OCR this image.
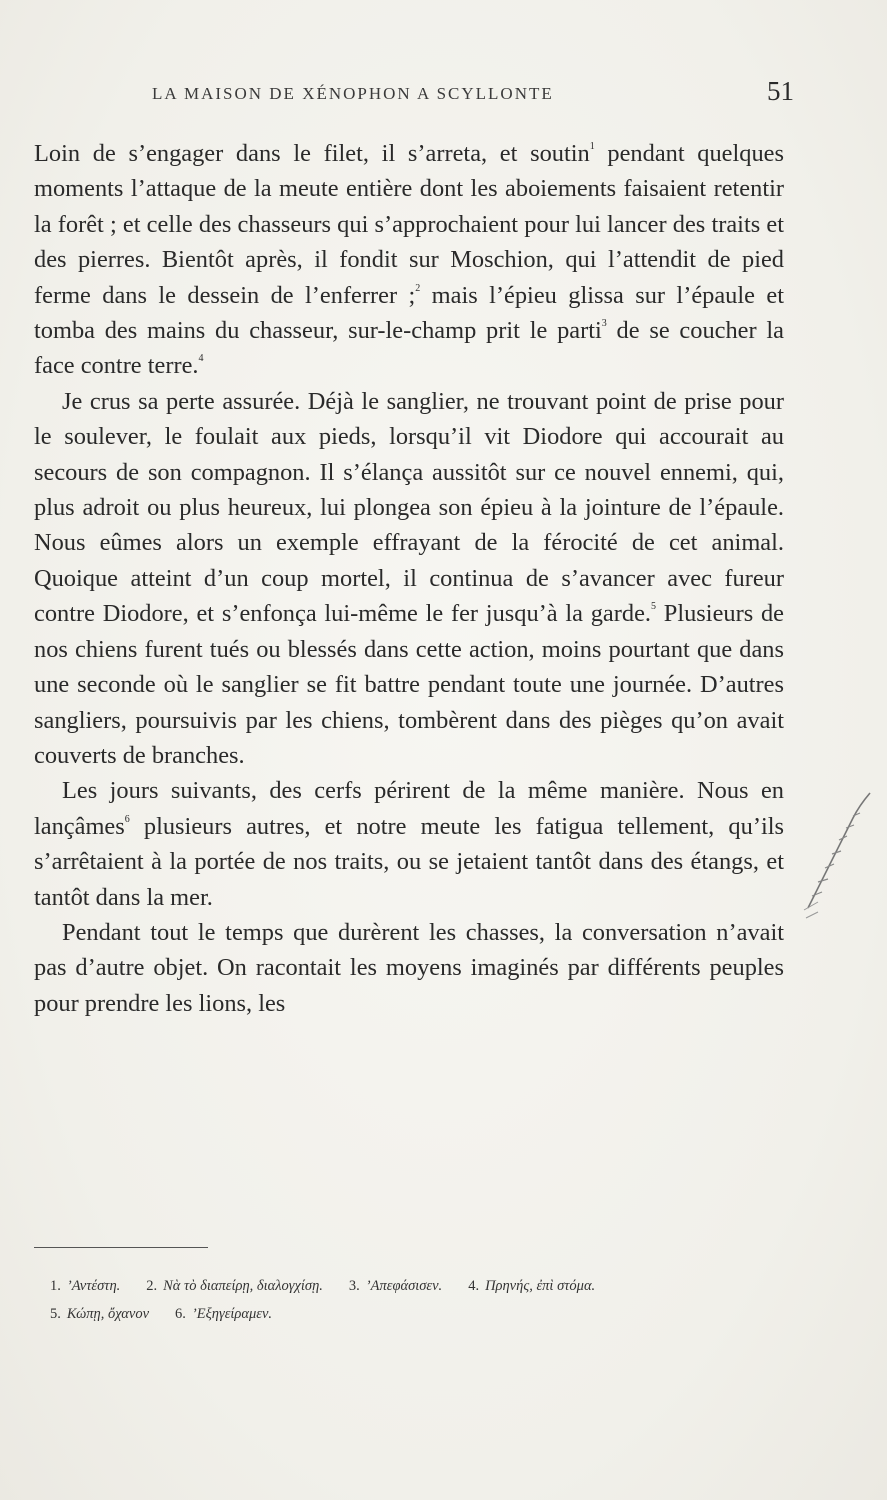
LA MAISON DE XÉNOPHON A SCYLLONTE	51

Loin de s’engager dans le filet, il s’arreta, et soutin$^1$ pendant quelques moments l’attaque de la meute entière dont les aboiements faisaient retentir la forêt ; et celle des chasseurs qui s’approchaient pour lui lancer des traits et des pierres. Bientôt après, il fondit sur Moschion, qui l’attendit de pied ferme dans le dessein de l’enferrer ;$^2$ mais l’épieu glissa sur l’épaule et tomba des mains du chasseur, sur-le-champ prit le parti$^3$ de se coucher la face contre terre.$^4$

Je crus sa perte assurée. Déjà le sanglier, ne trouvant point de prise pour le soulever, le foulait aux pieds, lorsqu’il vit Diodore qui accourait au secours de son compagnon. Il s’élança aussitôt sur ce nouvel ennemi, qui, plus adroit ou plus heureux, lui plongea son épieu à la jointure de l’épaule. Nous eûmes alors un exemple effrayant de la férocité de cet animal. Quoique atteint d’un coup mortel, il continua de s’avancer avec fureur contre Diodore, et s’enfonça lui-même le fer jusqu’à la garde.$^5$ Plusieurs de nos chiens furent tués ou blessés dans cette action, moins pourtant que dans une seconde où le sanglier se fit battre pendant toute une journée. D’autres sangliers, poursuivis par les chiens, tombèrent dans des pièges qu’on avait couverts de branches.

Les jours suivants, des cerfs périrent de la même manière. Nous en lançâmes$^6$ plusieurs autres, et notre meute les fatigua tellement, qu’ils s’arrêtaient à la portée de nos traits, ou se jetaient tantôt dans des étangs, et tantôt dans la mer.

Pendant tout le temps que durèrent les chasses, la conversation n’avait pas d’autre objet. On racontait les moyens imaginés par différents peuples pour prendre les lions, les

1. ’Αντέστη. 2. Νὰ τὸ διαπείρῃ, διαλογχίσῃ. 3. ’Απεφάσισεν. 4. Πρηνής, ἐπὶ στόμα.
5. Κώπῃ, ὄχανον 6. ’Εξηγείραμεν.
